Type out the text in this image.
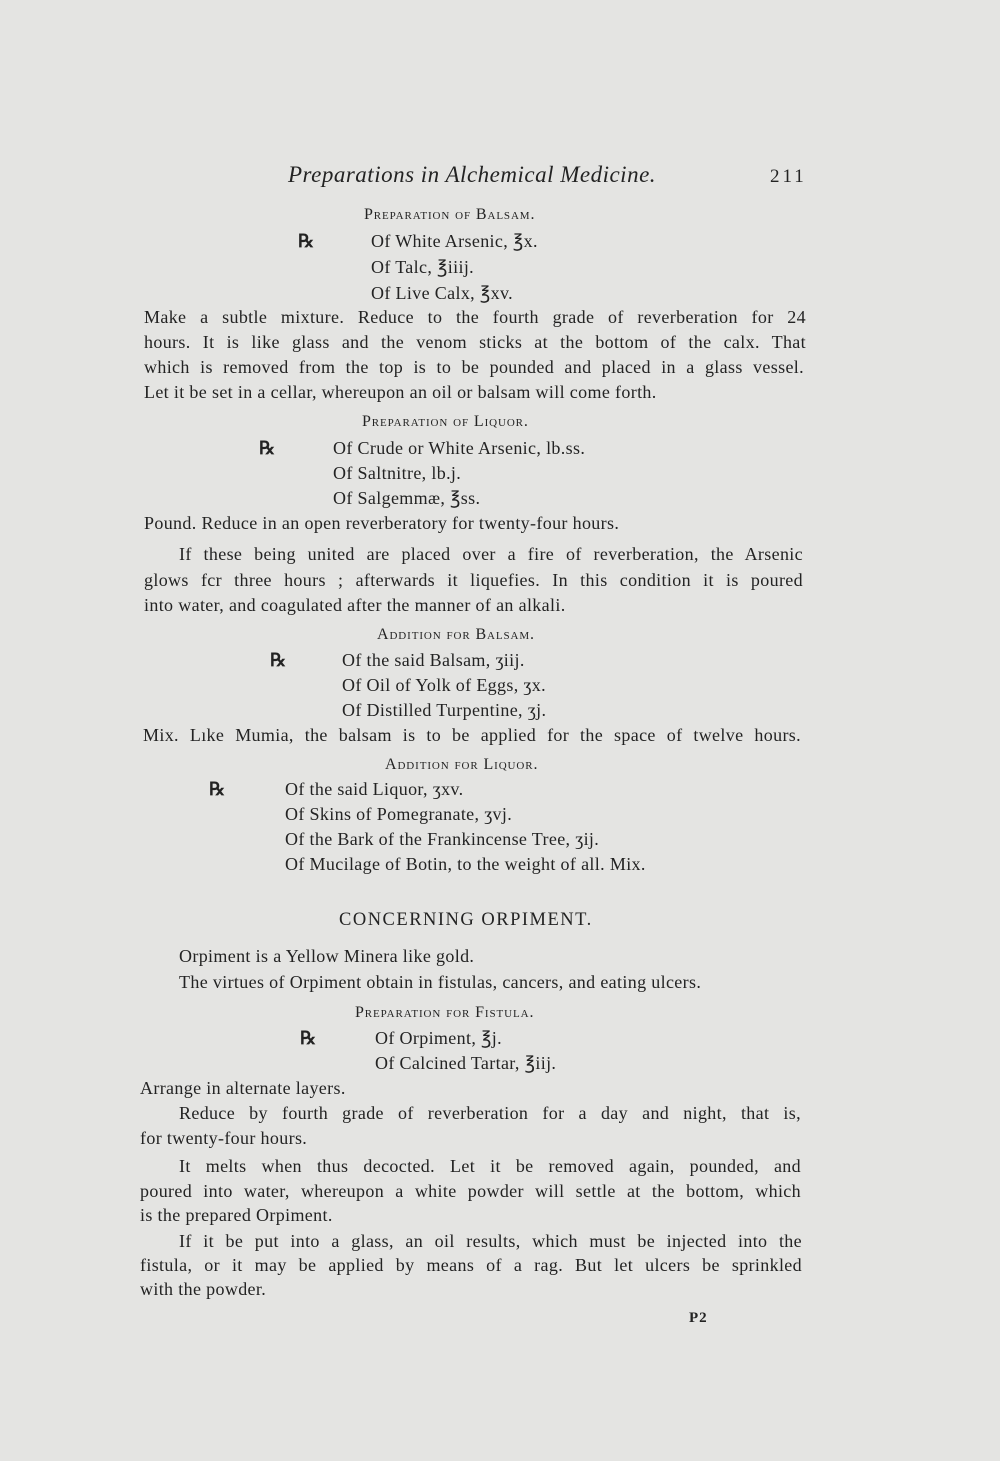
Preparations in Alchemical Medicine.	211
Preparation of Balsam.
℞	Of White Arsenic, ℥x.
Of Talc, ℥iiij.
Of Live Calx, ℥xv.
Make a subtle mixture. Reduce to the fourth grade of reverberation for 24
hours. It is like glass and the venom sticks at the bottom of the calx. That
which is removed from the top is to be pounded and placed in a glass vessel.
Let it be set in a cellar, whereupon an oil or balsam will come forth.
Preparation of Liquor.
℞	Of Crude or White Arsenic, lb.ss.
Of Saltnitre, lb.j.
Of Salgemmæ, ℥ss.
Pound. Reduce in an open reverberatory for twenty-four hours.
If these being united are placed over a fire of reverberation, the Arsenic
glows fcr three hours ; afterwards it liquefies. In this condition it is poured
into water, and coagulated after the manner of an alkali.
Addition for Balsam.
℞	Of the said Balsam, ʒiij.
Of Oil of Yolk of Eggs, ʒx.
Of Distilled Turpentine, ʒj.
Mix. Lıke Mumia, the balsam is to be applied for the space of twelve hours.
Addition for Liquor.
℞	Of the said Liquor, ʒxv.
Of Skins of Pomegranate, ʒvj.
Of the Bark of the Frankincense Tree, ʒij.
Of Mucilage of Botin, to the weight of all. Mix.
CONCERNING ORPIMENT.
Orpiment is a Yellow Minera like gold.
The virtues of Orpiment obtain in fistulas, cancers, and eating ulcers.
Preparation for Fistula.
℞	Of Orpiment, ℥j.
Of Calcined Tartar, ℥iij.
Arrange in alternate layers.
Reduce by fourth grade of reverberation for a day and night, that is,
for twenty-four hours.
It melts when thus decocted. Let it be removed again, pounded, and
poured into water, whereupon a white powder will settle at the bottom, which
is the prepared Orpiment.
If it be put into a glass, an oil results, which must be injected into the
fistula, or it may be applied by means of a rag. But let ulcers be sprinkled
with the powder.
P2
